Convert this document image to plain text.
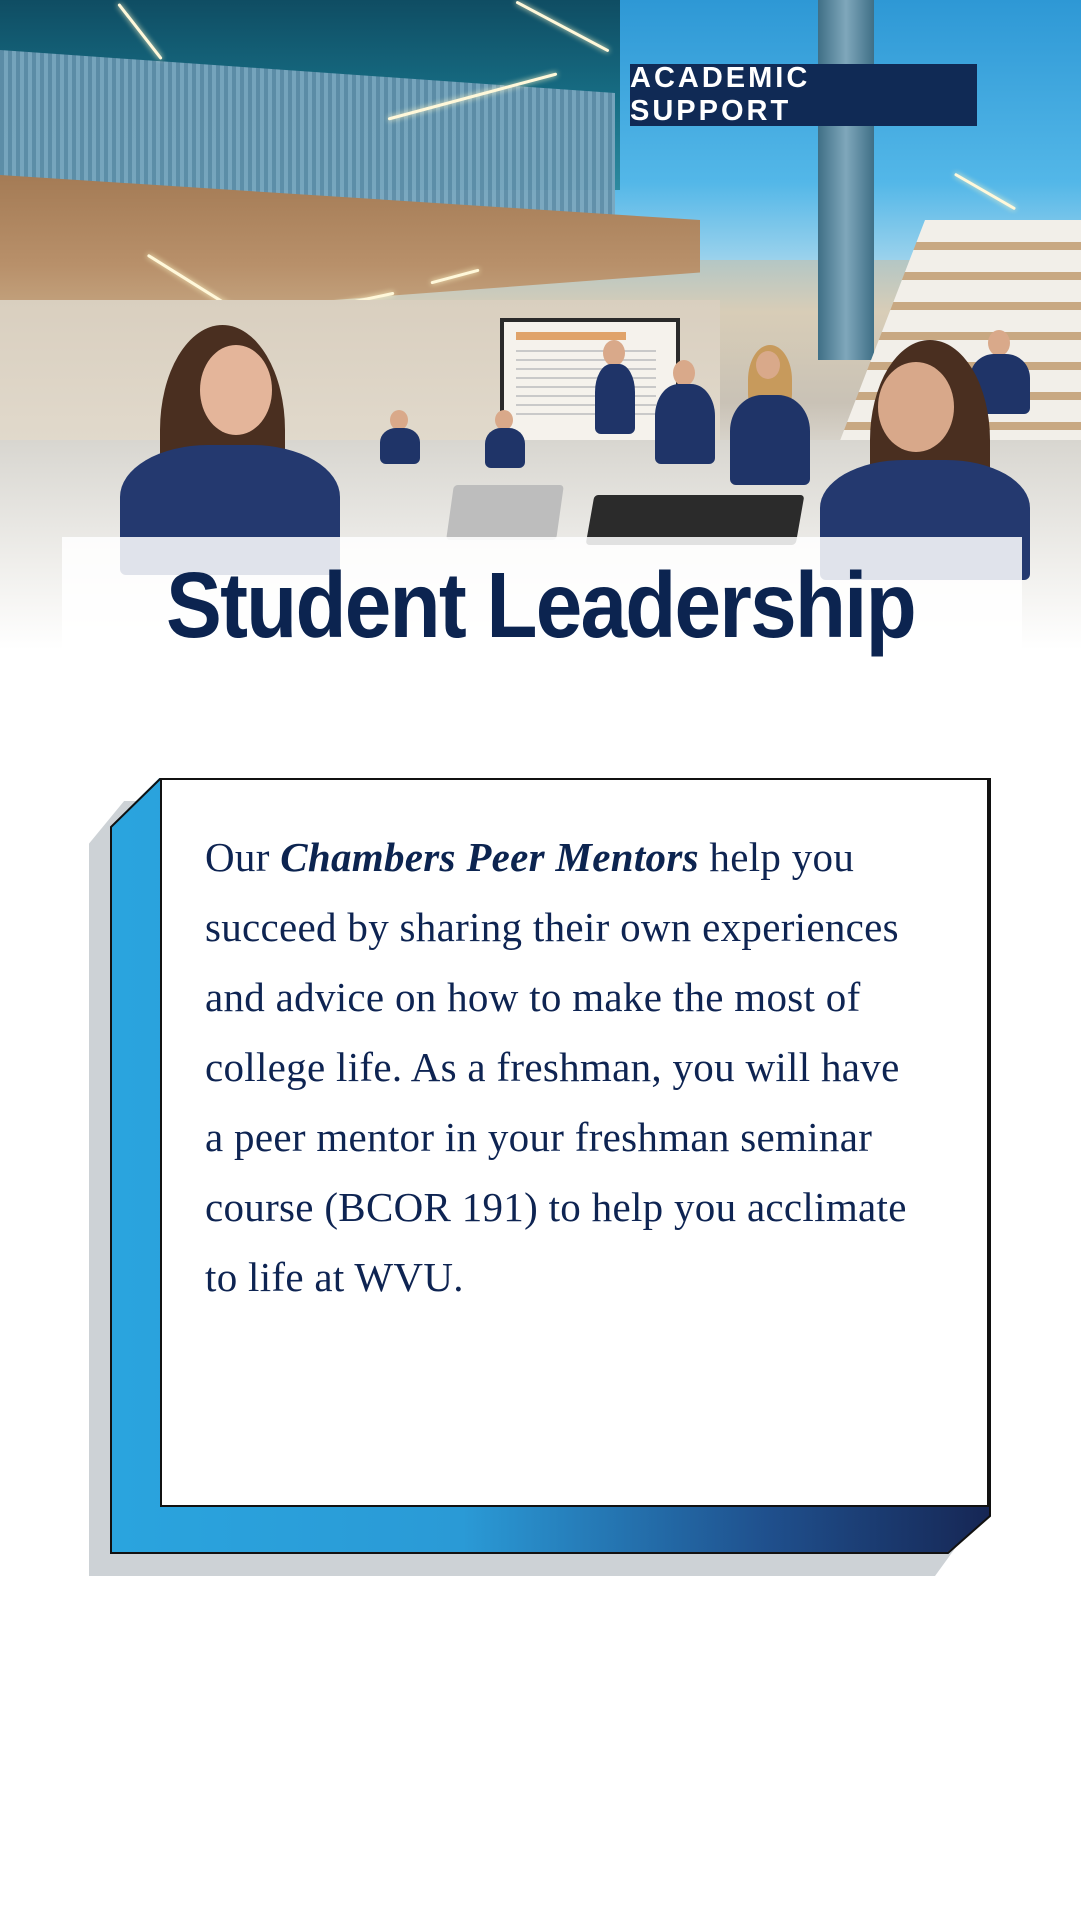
ACADEMIC SUPPORT
Student Leadership
Our Chambers Peer Mentors help you succeed by sharing their own experiences and advice on how to make the most of college life. As a freshman, you will have a peer mentor in your freshman seminar course (BCOR 191) to help you acclimate to life at WVU.
